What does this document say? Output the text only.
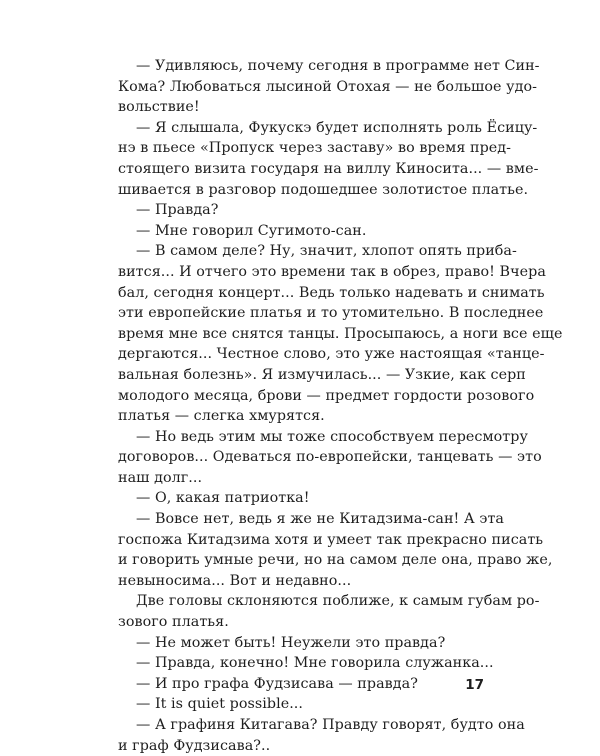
— Удивляюсь, почему сегодня в программе нет Син-
Кома? Любоваться лысиной Отохая — не большое удо-
вольствие!
— Я слышала, Фукускэ будет исполнять роль Ёсицу-
нэ в пьесе «Пропуск через заставу» во время пред-
стоящего визита государя на виллу Киносита... — вме-
шивается в разговор подошедшее золотистое платье.
— Правда?
— Мне говорил Сугимото-сан.
— В самом деле? Ну, значит, хлопот опять приба-
вится... И отчего это времени так в обрез, право! Вчера
бал, сегодня концерт... Ведь только надевать и снимать
эти европейские платья и то утомительно. В последнее
время мне все снятся танцы. Просыпаюсь, а ноги все еще
дергаются... Честное слово, это уже настоящая «танце-
вальная болезнь». Я измучилась... — Узкие, как серп
молодого месяца, брови — предмет гордости розового
платья — слегка хмурятся.
— Но ведь этим мы тоже способствуем пересмотру
договоров... Одеваться по-европейски, танцевать — это
наш долг...
— О, какая патриотка!
— Вовсе нет, ведь я же не Китадзима-сан! А эта
госпожа Китадзима хотя и умеет так прекрасно писать
и говорить умные речи, но на самом деле она, право же,
невыносима... Вот и недавно...
Две головы склоняются поближе, к самым губам ро-
зового платья.
— Не может быть! Неужели это правда?
— Правда, конечно! Мне говорила служанка...
— И про графа Фудзисава — правда?
— It is quiet possible...
— А графиня Китагава? Правду говорят, будто она
и граф Фудзисава?..
17
